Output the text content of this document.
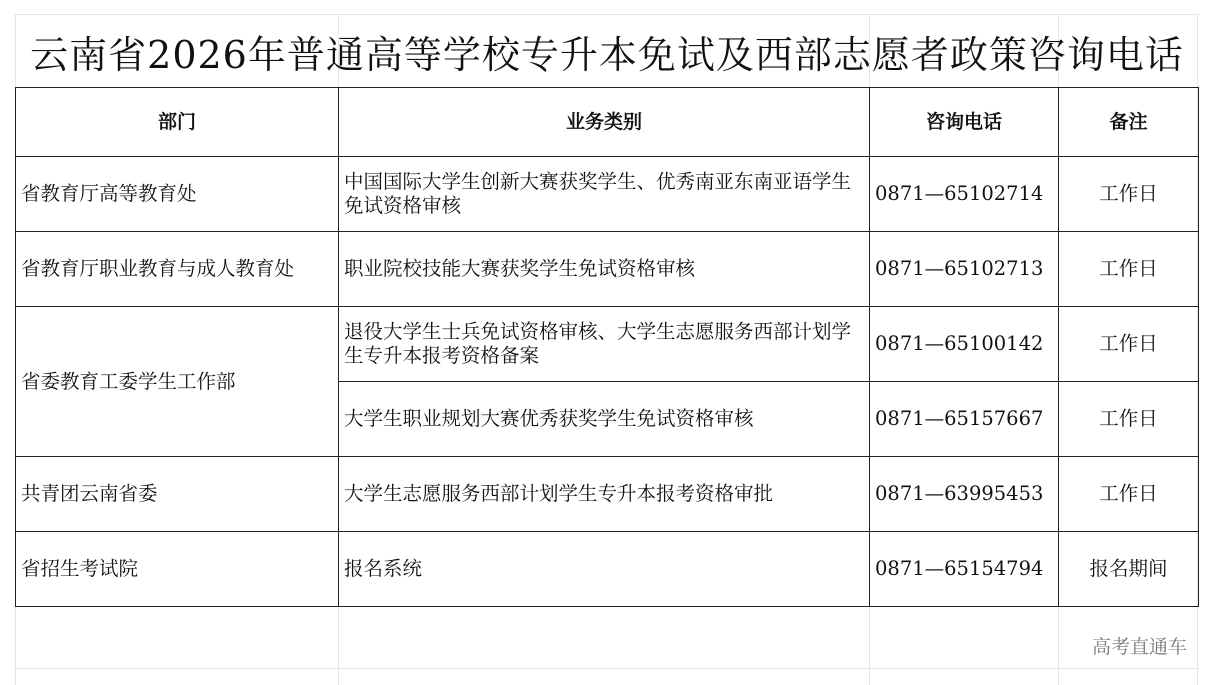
云南省2026年普通高等学校专升本免试及西部志愿者政策咨询电话
部门	业务类别	咨询电话	备注
省教育厅高等教育处	中国国际大学生创新大赛获奖学生、优秀南亚东南亚语学生免试资格审核	0871—65102714	工作日
省教育厅职业教育与成人教育处	职业院校技能大赛获奖学生免试资格审核	0871—65102713	工作日
省委教育工委学生工作部	退役大学生士兵免试资格审核、大学生志愿服务西部计划学生专升本报考资格备案	0871—65100142	工作日
	大学生职业规划大赛优秀获奖学生免试资格审核	0871—65157667	工作日
共青团云南省委	大学生志愿服务西部计划学生专升本报考资格审批	0871—63995453	工作日
省招生考试院	报名系统	0871—65154794	报名期间
高考直通车
